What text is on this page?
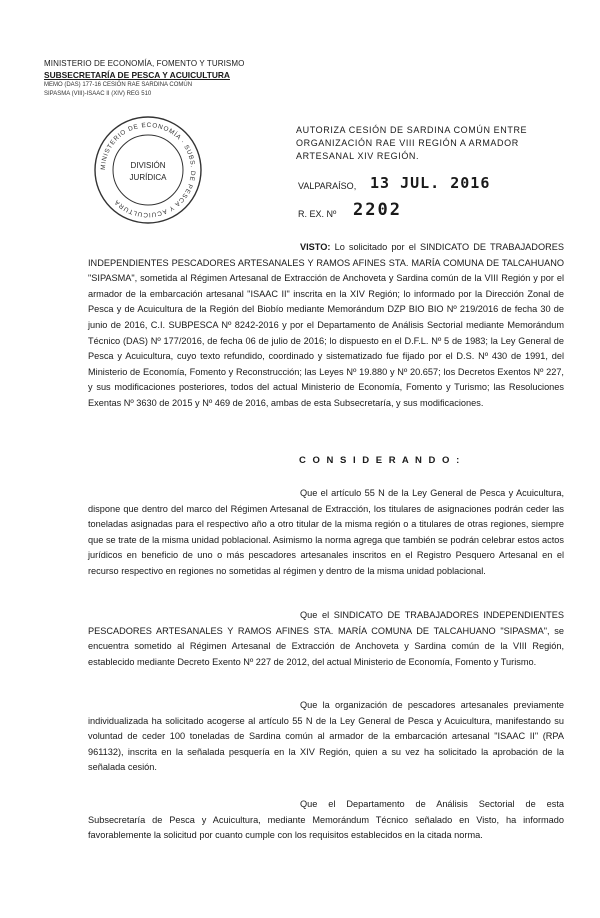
MINISTERIO DE ECONOMÍA, FOMENTO Y TURISMO
SUBSECRETARÍA DE PESCA Y ACUICULTURA
MEMO (DAS) 177-16 CESIÓN RAE SARDINA COMÚN
SIPASMA (VIII)-ISAAC II (XIV) REG 510
MINISTERIO DE ECONOMÍA · SUBS. DE PESCA Y ACUICULTURA
DIVISIÓN
JURÍDICA
AUTORIZA CESIÓN DE SARDINA COMÚN ENTRE ORGANIZACIÓN RAE VIII REGIÓN A ARMADOR ARTESANAL XIV REGIÓN.
VALPARAÍSO, 13 JUL. 2016
R. EX. Nº 2202
VISTO: Lo solicitado por el SINDICATO DE TRABAJADORES INDEPENDIENTES PESCADORES ARTESANALES Y RAMOS AFINES STA. MARÍA COMUNA DE TALCAHUANO "SIPASMA", sometida al Régimen Artesanal de Extracción de Anchoveta y Sardina común de la VIII Región y por el armador de la embarcación artesanal "ISAAC II" inscrita en la XIV Región; lo informado por la Dirección Zonal de Pesca y de Acuicultura de la Región del Biobío mediante Memorándum DZP BIO BIO Nº 219/2016 de fecha 30 de junio de 2016, C.I. SUBPESCA Nº 8242-2016 y por el Departamento de Análisis Sectorial mediante Memorándum Técnico (DAS) Nº 177/2016, de fecha 06 de julio de 2016; lo dispuesto en el D.F.L. Nº 5 de 1983; la Ley General de Pesca y Acuicultura, cuyo texto refundido, coordinado y sistematizado fue fijado por el D.S. Nº 430 de 1991, del Ministerio de Economía, Fomento y Reconstrucción; las Leyes Nº 19.880 y Nº 20.657; los Decretos Exentos Nº 227, y sus modificaciones posteriores, todos del actual Ministerio de Economía, Fomento y Turismo; las Resoluciones Exentas Nº 3630 de 2015 y Nº 469 de 2016, ambas de esta Subsecretaría, y sus modificaciones.
C O N S I D E R A N D O :
Que el artículo 55 N de la Ley General de Pesca y Acuicultura, dispone que dentro del marco del Régimen Artesanal de Extracción, los titulares de asignaciones podrán ceder las toneladas asignadas para el respectivo año a otro titular de la misma región o a titulares de otras regiones, siempre que se trate de la misma unidad poblacional. Asimismo la norma agrega que también se podrán celebrar estos actos jurídicos en beneficio de uno o más pescadores artesanales inscritos en el Registro Pesquero Artesanal en el recurso respectivo en regiones no sometidas al régimen y dentro de la misma unidad poblacional.
Que el SINDICATO DE TRABAJADORES INDEPENDIENTES PESCADORES ARTESANALES Y RAMOS AFINES STA. MARÍA COMUNA DE TALCAHUANO "SIPASMA", se encuentra sometido al Régimen Artesanal de Extracción de Anchoveta y Sardina común de la VIII Región, establecido mediante Decreto Exento Nº 227 de 2012, del actual Ministerio de Economía, Fomento y Turismo.
Que la organización de pescadores artesanales previamente individualizada ha solicitado acogerse al artículo 55 N de la Ley General de Pesca y Acuicultura, manifestando su voluntad de ceder 100 toneladas de Sardina común al armador de la embarcación artesanal "ISAAC II" (RPA 961132), inscrita en la señalada pesquería en la XIV Región, quien a su vez ha solicitado la aprobación de la señalada cesión.
Que el Departamento de Análisis Sectorial de esta Subsecretaría de Pesca y Acuicultura, mediante Memorándum Técnico señalado en Visto, ha informado favorablemente la solicitud por cuanto cumple con los requisitos establecidos en la citada norma.
